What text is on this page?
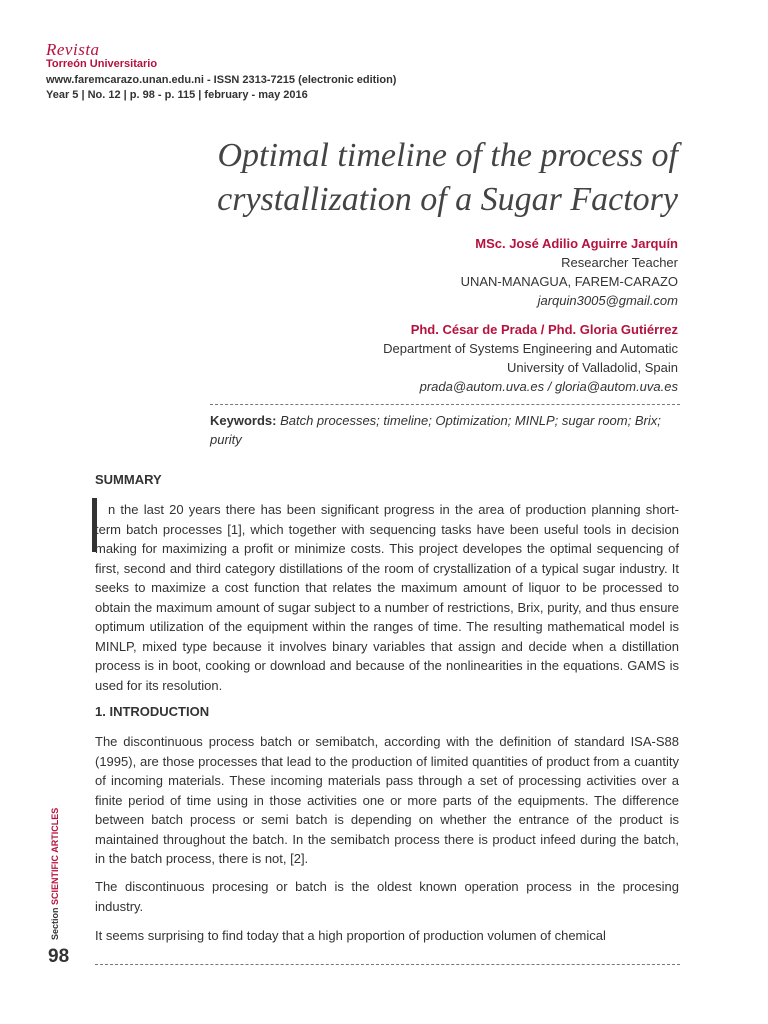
Revista
Torreón Universitario
www.faremcarazo.unan.edu.ni - ISSN 2313-7215 (electronic edition)
Year 5 | No. 12 | p. 98 - p. 115 | february - may 2016
Optimal timeline of the process of
crystallization of a Sugar Factory
MSc. José Adilio Aguirre Jarquín
Researcher Teacher
UNAN-MANAGUA, FAREM-CARAZO
jarquin3005@gmail.com
Phd. César de Prada / Phd. Gloria Gutiérrez
Department of Systems Engineering and Automatic
University of Valladolid, Spain
prada@autom.uva.es / gloria@autom.uva.es
Keywords: Batch processes; timeline; Optimization; MINLP; sugar room; Brix; purity
SUMMARY
n the last 20 years there has been significant progress in the area of production planning short-term batch processes [1], which together with sequencing tasks have been useful tools in decision making for maximizing a profit or minimize costs. This project developes the optimal sequencing of first, second and third category distillations of the room of crystallization of a typical sugar industry. It seeks to maximize a cost function that relates the maximum amount of liquor to be processed to obtain the maximum amount of sugar subject to a number of restrictions, Brix, purity, and thus ensure optimum utilization of the equipment within the ranges of time. The resulting mathematical model is MINLP, mixed type because it involves binary variables that assign and decide when a distillation process is in boot, cooking or download and because of the nonlinearities in the equations. GAMS is used for its resolution.
1. INTRODUCTION
The discontinuous process batch or semibatch, according with the definition of standard ISA-S88 (1995), are those processes that lead to the production of limited quantities of product from a cuantity of incoming materials. These incoming materials pass through a set of processing activities over a finite period of time using in those activities one or more parts of the equipments. The difference between batch process or semi batch is depending on whether the entrance of the product is maintained throughout the batch. In the semibatch process there is product infeed during the batch, in the batch process, there is not, [2].
The discontinuous procesing or batch is the oldest known operation process in the procesing industry.
It seems surprising to find today that a high proportion of production volumen of chemical
Section SCIENTIFIC ARTICLES
98
